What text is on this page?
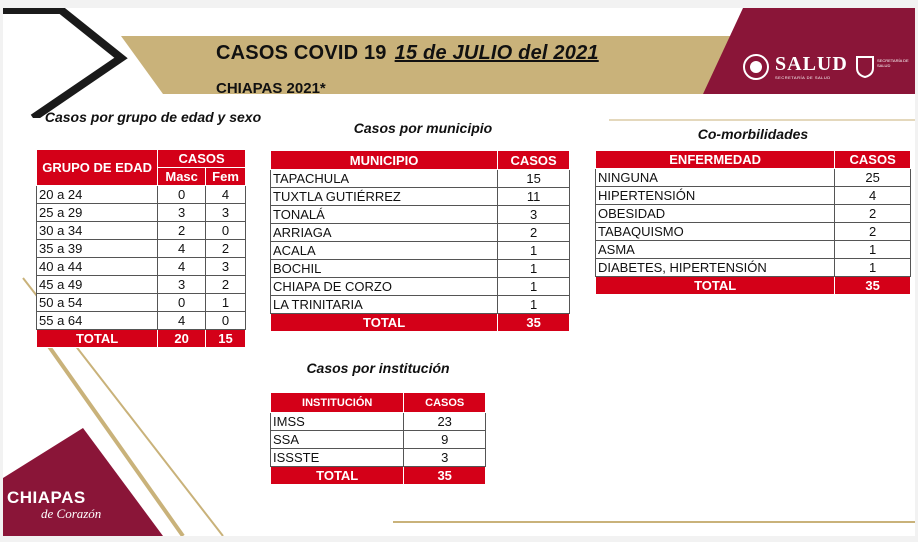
CASOS COVID 19 15 de JULIO del 2021
CHIAPAS 2021*
SALUD
SECRETARÍA DE SALUD
SECRETARÍA DE SALUD
Casos por grupo de edad y sexo
Casos por municipio	Co-morbilidades
Casos por institución
GRUPO DE EDAD	CASOS	
	Masc	Fem
20 a 24	0	4
25 a 29	3	3
30 a 34	2	0
35 a 39	4	2
40 a 44	4	3
45 a 49	3	2
50 a 54	0	1
55 a 64	4	0
TOTAL	20	15
MUNICIPIO	CASOS
TAPACHULA	15
TUXTLA GUTIÉRREZ	11
TONALÁ	3
ARRIAGA	2
ACALA	1
BOCHIL	1
CHIAPA DE CORZO	1
LA TRINITARIA	1
TOTAL	35
ENFERMEDAD	CASOS
NINGUNA	25
HIPERTENSIÓN	4
OBESIDAD	2
TABAQUISMO	2
ASMA	1
DIABETES, HIPERTENSIÓN	1
TOTAL	35
INSTITUCIÓN	CASOS
IMSS	23
SSA	9
ISSSTE	3
TOTAL	35
CHIAPAS
de Corazón
